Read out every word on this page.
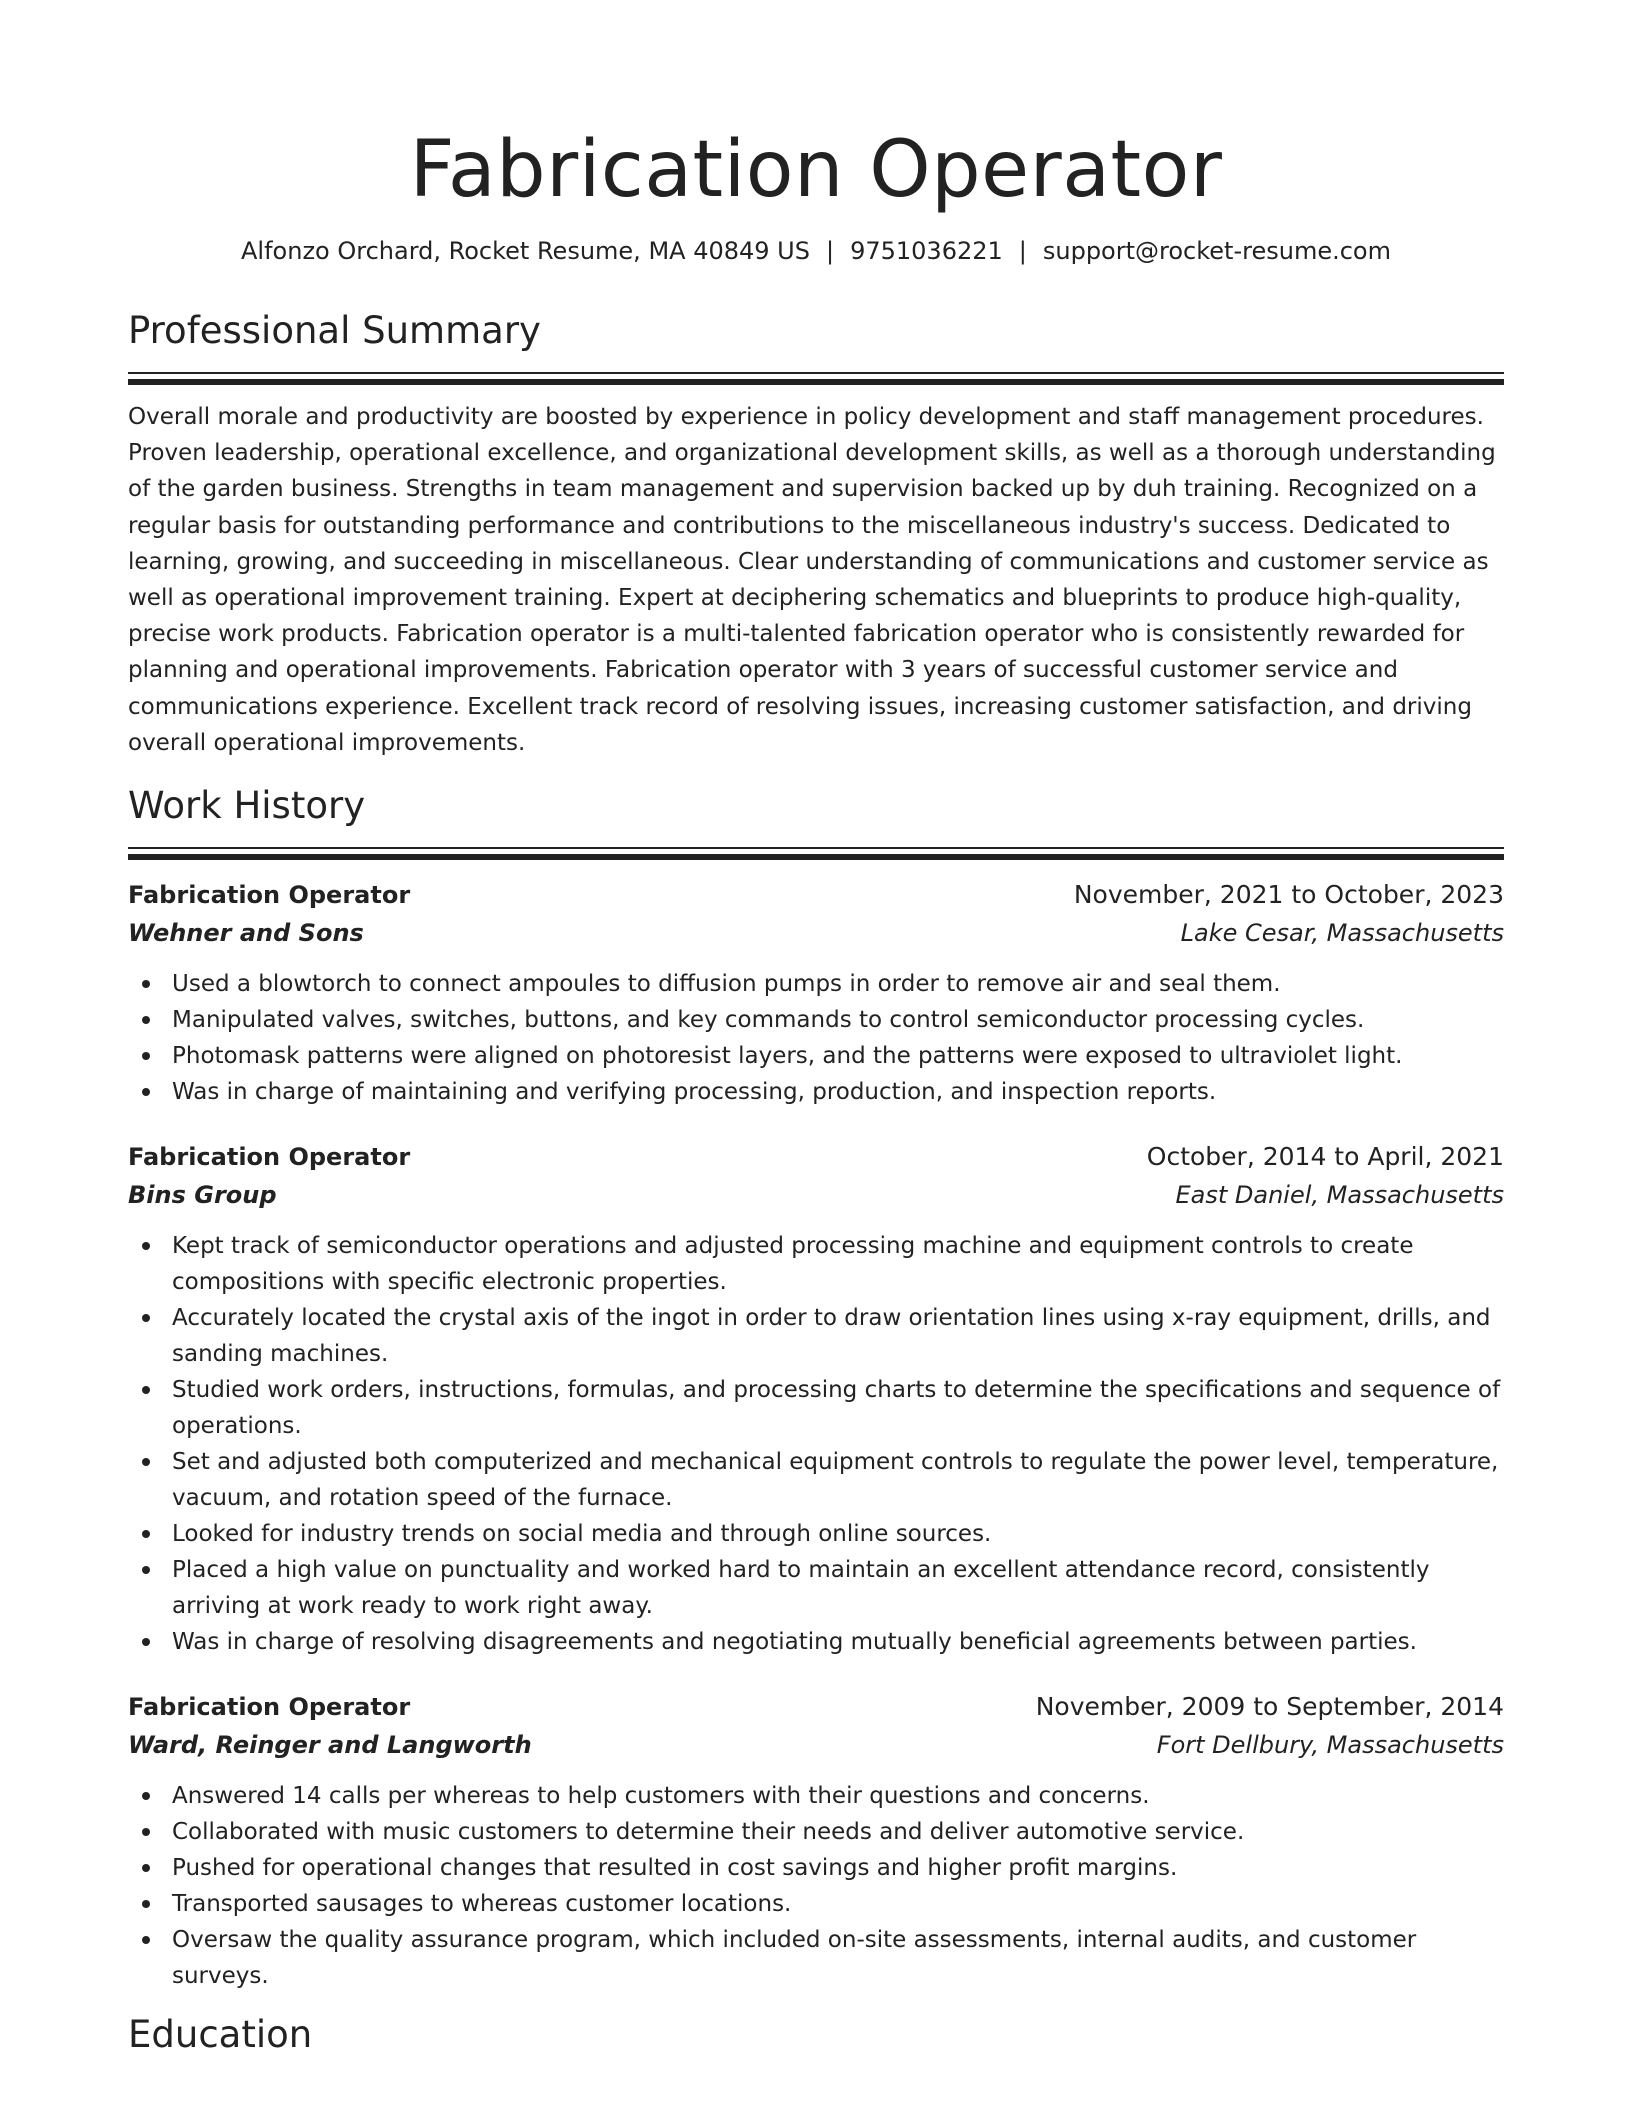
Fabrication Operator
Alfonzo Orchard, Rocket Resume, MA 40849 US | 9751036221 | support@rocket-resume.com
Professional Summary

Overall morale and productivity are boosted by experience in policy development and staff management procedures. Proven leadership, operational excellence, and organizational development skills, as well as a thorough understanding of the garden business. Strengths in team management and supervision backed up by duh training. Recognized on a regular basis for outstanding performance and contributions to the miscellaneous industry's success. Dedicated to learning, growing, and succeeding in miscellaneous. Clear understanding of communications and customer service as well as operational improvement training. Expert at deciphering schematics and blueprints to produce high-quality, precise work products. Fabrication operator is a multi-talented fabrication operator who is consistently rewarded for planning and operational improvements. Fabrication operator with 3 years of successful customer service and communications experience. Excellent track record of resolving issues, increasing customer satisfaction, and driving overall operational improvements.

Work History
Fabrication Operator	November, 2021 to October, 2023
Wehner and Sons	Lake Cesar, Massachusetts
Used a blowtorch to connect ampoules to diffusion pumps in order to remove air and seal them.
Manipulated valves, switches, buttons, and key commands to control semiconductor processing cycles.
Photomask patterns were aligned on photoresist layers, and the patterns were exposed to ultraviolet light.
Was in charge of maintaining and verifying processing, production, and inspection reports.
Fabrication Operator	October, 2014 to April, 2021
Bins Group	East Daniel, Massachusetts
Kept track of semiconductor operations and adjusted processing machine and equipment controls to create compositions with specific electronic properties.
Accurately located the crystal axis of the ingot in order to draw orientation lines using x-ray equipment, drills, and sanding machines.
Studied work orders, instructions, formulas, and processing charts to determine the specifications and sequence of operations.
Set and adjusted both computerized and mechanical equipment controls to regulate the power level, temperature, vacuum, and rotation speed of the furnace.
Looked for industry trends on social media and through online sources.
Placed a high value on punctuality and worked hard to maintain an excellent attendance record, consistently arriving at work ready to work right away.
Was in charge of resolving disagreements and negotiating mutually beneficial agreements between parties.
Fabrication Operator	November, 2009 to September, 2014
Ward, Reinger and Langworth	Fort Dellbury, Massachusetts
Answered 14 calls per whereas to help customers with their questions and concerns.
Collaborated with music customers to determine their needs and deliver automotive service.
Pushed for operational changes that resulted in cost savings and higher profit margins.
Transported sausages to whereas customer locations.
Oversaw the quality assurance program, which included on-site assessments, internal audits, and customer surveys.
Education
